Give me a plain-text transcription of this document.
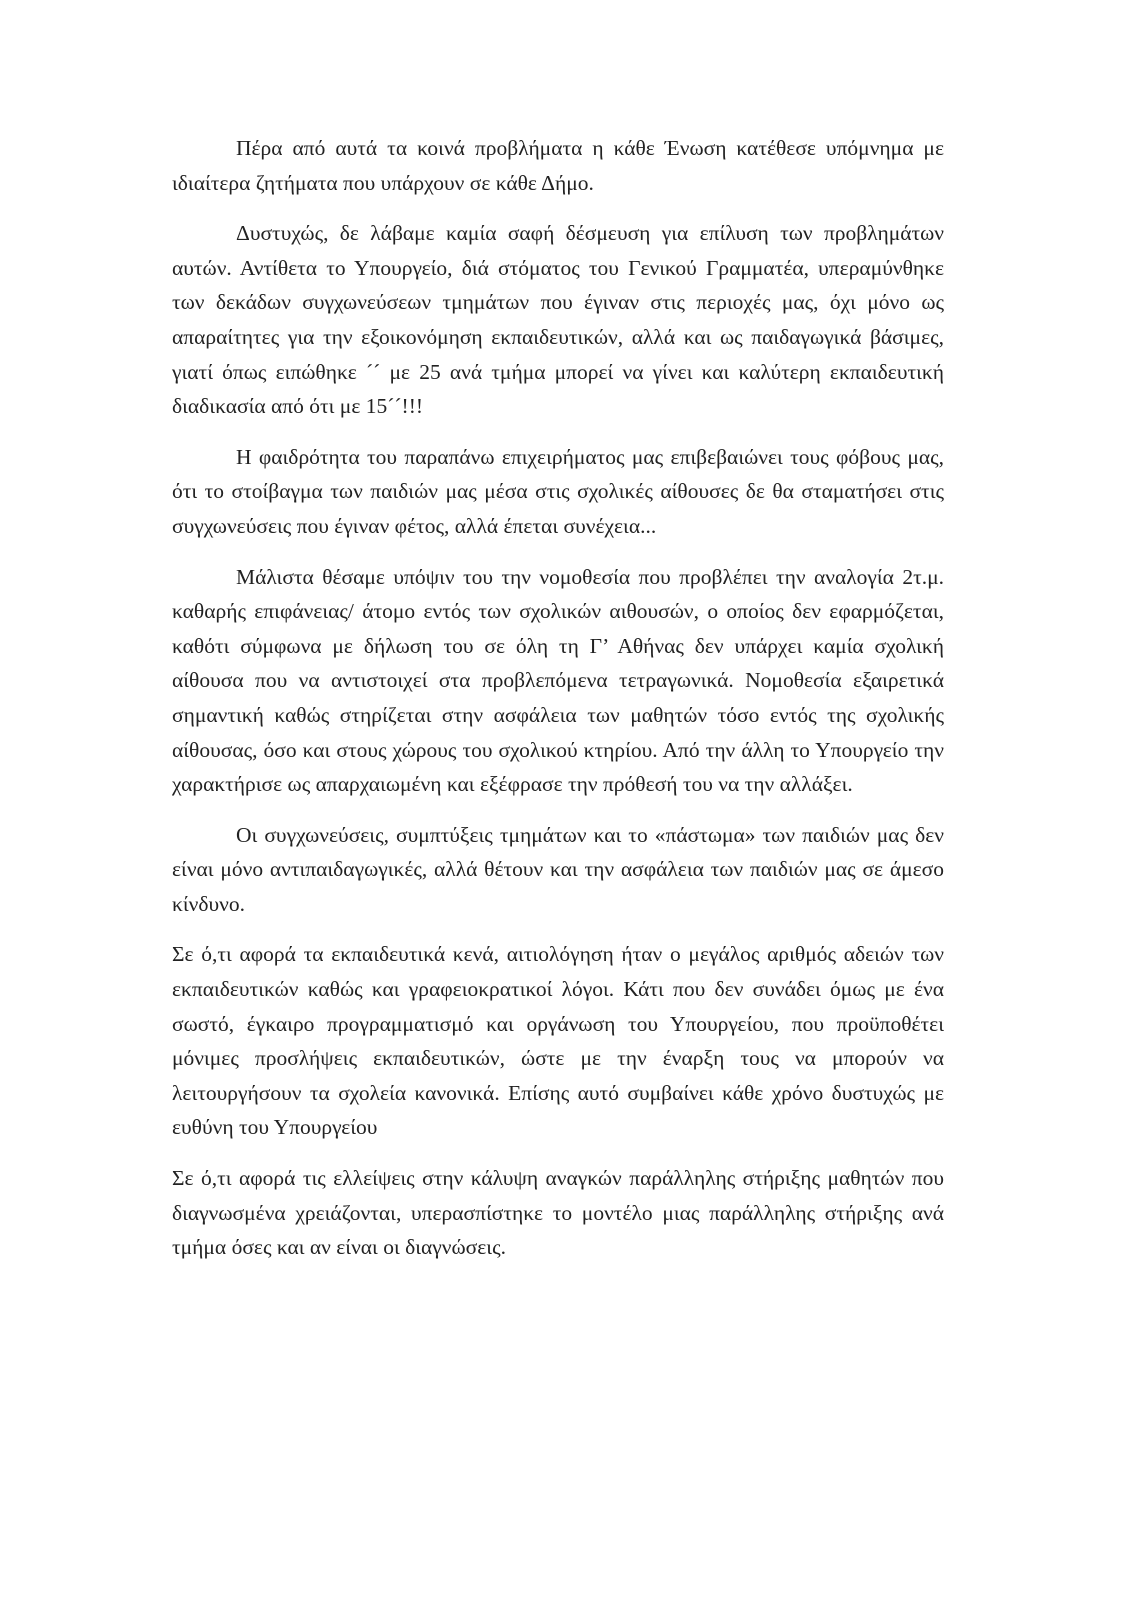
Πέρα από αυτά τα κοινά προβλήματα η κάθε Ένωση κατέθεσε υπόμνημα με ιδιαίτερα ζητήματα που υπάρχουν σε κάθε Δήμο.

Δυστυχώς, δε λάβαμε καμία σαφή δέσμευση για επίλυση των προβλημάτων αυτών. Αντίθετα το Υπουργείο, διά στόματος του Γενικού Γραμματέα, υπεραμύνθηκε των δεκάδων συγχωνεύσεων τμημάτων που έγιναν στις περιοχές μας, όχι μόνο ως απαραίτητες για την εξοικονόμηση εκπαιδευτικών, αλλά και ως παιδαγωγικά βάσιμες, γιατί όπως ειπώθηκε ´´ με 25 ανά τμήμα μπορεί να γίνει και καλύτερη εκπαιδευτική διαδικασία από ότι με 15´´!!!

Η φαιδρότητα του παραπάνω επιχειρήματος μας επιβεβαιώνει τους φόβους μας, ότι το στοίβαγμα των παιδιών μας μέσα στις σχολικές αίθουσες δε θα σταματήσει στις συγχωνεύσεις που έγιναν φέτος, αλλά έπεται συνέχεια...

Μάλιστα θέσαμε υπόψιν του την νομοθεσία που προβλέπει την αναλογία 2τ.μ. καθαρής επιφάνειας/ άτομο εντός των σχολικών αιθουσών, ο οποίος δεν εφαρμόζεται, καθότι σύμφωνα με δήλωση του σε όλη τη Γ’ Αθήνας δεν υπάρχει καμία σχολική αίθουσα που να αντιστοιχεί στα προβλεπόμενα τετραγωνικά. Νομοθεσία εξαιρετικά σημαντική καθώς στηρίζεται στην ασφάλεια των μαθητών τόσο εντός της σχολικής αίθουσας, όσο και στους χώρους του σχολικού κτηρίου. Από την άλλη το Υπουργείο την χαρακτήρισε ως απαρχαιωμένη και εξέφρασε την πρόθεσή του να την αλλάξει.

Οι συγχωνεύσεις, συμπτύξεις τμημάτων και το «πάστωμα» των παιδιών μας δεν είναι μόνο αντιπαιδαγωγικές, αλλά θέτουν και την ασφάλεια των παιδιών μας σε άμεσο κίνδυνο.

Σε ό,τι αφορά τα εκπαιδευτικά κενά, αιτιολόγηση ήταν ο μεγάλος αριθμός αδειών των εκπαιδευτικών καθώς και γραφειοκρατικοί λόγοι. Κάτι που δεν συνάδει όμως με ένα σωστό, έγκαιρο προγραμματισμό και οργάνωση του Υπουργείου, που προϋποθέτει μόνιμες προσλήψεις εκπαιδευτικών, ώστε με την έναρξη τους να μπορούν να λειτουργήσουν τα σχολεία κανονικά. Επίσης αυτό συμβαίνει κάθε χρόνο δυστυχώς με ευθύνη του Υπουργείου

Σε ό,τι αφορά τις ελλείψεις στην κάλυψη αναγκών παράλληλης στήριξης μαθητών που διαγνωσμένα χρειάζονται, υπερασπίστηκε το μοντέλο μιας παράλληλης στήριξης ανά τμήμα όσες και αν είναι οι διαγνώσεις.
